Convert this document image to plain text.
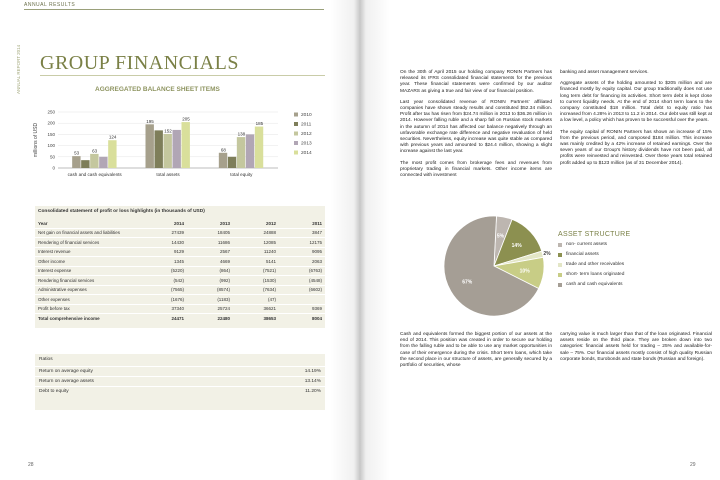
ANNUAL RESULTS
ANNUAL REPORT 2014 GROUP FINANCIALS
AGGREGATED BALANCE SHEET ITEMS
millions of USD
0
50
100
150
200
250
53	63
124
cash and cash equivalents
195
152
205
total assets
68
138
185
total equity
2010
2011
2012
2013
2014
Consolidated statement of profit or loss highlights (in thousands of USD)
Year	2014	2013	2012	2011
Net gain on financial assets and liabilities	27439	18405	24888	3847
Rendering of financial services	14430	11686	12085	12175
Interest revenue	9129	2567	11240	9095
Other income	1345	4669	5141	2063
Interest expense	(5220)	(864)	(7521)	(6763)
Rendering financial services	(542)	(992)	(1530)	(4548)
Administrative expenses	(7565)	(8574)	(7634)	(6602)
Other expenses	(1676)	(1183)	(47)	
Profit before tax	37340	25724	36621	9369
Total comprehensive income	24471	22480	38653	8004
Ratios
Return on average equity	14.19%
Return on average assets	13.14%
Debt to equity	11.20%
28

On the 30th of April 2015 our holding company RONIN Partners has released its IFRS consolidated financial statements for the previous year. These financial statements were confirmed by our auditor MAZARS as giving a true and fair view of our financial position.

Last year consolidated revenue of RONIN Partners' affiliated companies have shown steady results and constituted $52.34 million. Profit after tax has risen from $24.74 million in 2013 to $36.26 million in 2014. However falling ruble and a sharp fall on Russian stock markets in the autumn of 2014 has affected our balance negatively through an unfavorable exchange rate difference and negative revaluation of held securities. Nevertheless, equity increase was quite stable as compared with previous years and amounted to $24.4 million, showing a slight increase against the last year.

The most profit comes from brokerage fees and revenues from proprietary trading in financial markets. Other income items are connected with investment

banking and asset management services.

Aggregate assets of the holding amounted to $205 million and are financed mostly by equity capital. Our group traditionally does not use long term debt for financing its activities. Short term debt is kept close to current liquidity needs. At the end of 2014 short term loans to the company constituted $18 million. Total debt to equity ratio has increased from 4.28% in 2013 to 11.2 in 2014. Our debt was still kept at a low level, a policy which has proven to be successful over the years.

The equity capital of RONIN Partners has shown an increase of 15% from the previous period, and composed $184 million. This increase was mainly credited by a 42% increase of retained earnings. Over the seven years of our Group's history dividends have not been paid, all profits were reinvested and reinvested. Over these years total retained profit added up to $123 million (as of 31 December 2014).

Cash and equivalents formed the biggest portion of our assets at the end of 2014. This position was created in order to secure our holding from the falling ruble and to be able to use any market opportunities in case of their emergence during the crisis. Short term loans, which take the second place in our structure of assets, are generally secured by a portfolio of securities, whose

carrying value is much larger than that of the loan originated. Financial assets reside on the third place. They are broken down into two categories: financial assets held for trading – 25% and available-for-sale – 75%. Our financial assets mostly consist of high quality Russian corporate bonds, Eurobonds and state bonds (Russian and foreign).

29
5%
14%
2%
10%
67%
ASSET STRUCTURE
non- current assets
financial assets
trade and other receivables
short- term loans originated
cash and cash equivalents
